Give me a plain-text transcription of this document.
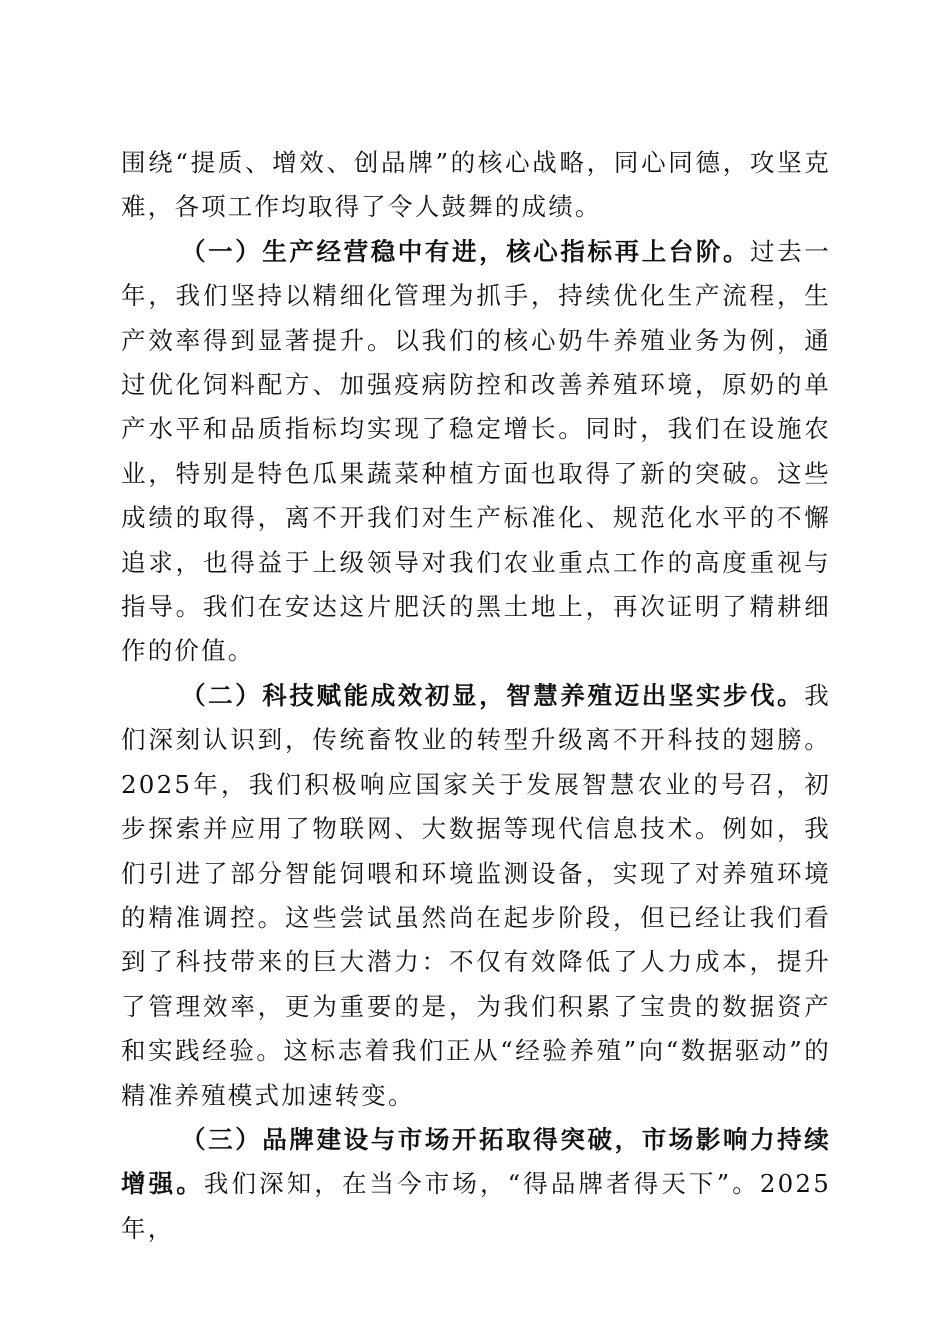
围绕“提质、增效、创品牌”的核心战略，同心同德，攻坚克难，各项工作均取得了令人鼓舞的成绩。

（一）生产经营稳中有进，核心指标再上台阶。过去一年，我们坚持以精细化管理为抓手，持续优化生产流程，生产效率得到显著提升。以我们的核心奶牛养殖业务为例，通过优化饲料配方、加强疫病防控和改善养殖环境，原奶的单产水平和品质指标均实现了稳定增长。同时，我们在设施农业，特别是特色瓜果蔬菜种植方面也取得了新的突破。这些成绩的取得，离不开我们对生产标准化、规范化水平的不懈追求，也得益于上级领导对我们农业重点工作的高度重视与指导。我们在安达这片肥沃的黑土地上，再次证明了精耕细作的价值。

（二）科技赋能成效初显，智慧养殖迈出坚实步伐。我们深刻认识到，传统畜牧业的转型升级离不开科技的翅膀。2025年，我们积极响应国家关于发展智慧农业的号召，初步探索并应用了物联网、大数据等现代信息技术。例如，我们引进了部分智能饲喂和环境监测设备，实现了对养殖环境的精准调控。这些尝试虽然尚在起步阶段，但已经让我们看到了科技带来的巨大潜力：不仅有效降低了人力成本，提升了管理效率，更为重要的是，为我们积累了宝贵的数据资产和实践经验。这标志着我们正从“经验养殖”向“数据驱动”的精准养殖模式加速转变。

（三）品牌建设与市场开拓取得突破，市场影响力持续增强。我们深知，在当今市场，“得品牌者得天下”。2025年，
